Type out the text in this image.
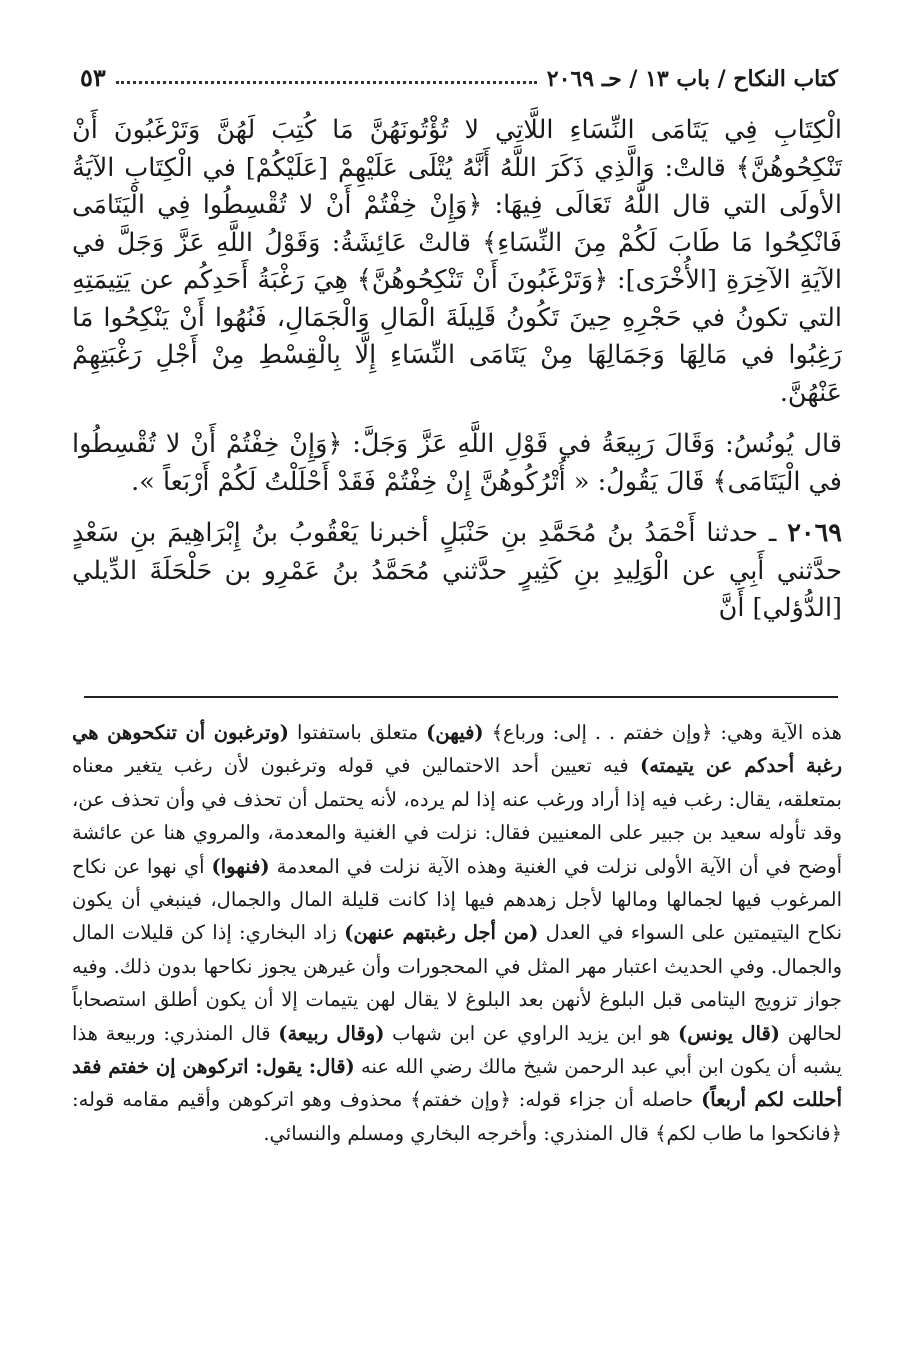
كتاب النكاح / باب ١٣ / حـ ٢٠٦٩
٥٣

الْكِتَابِ فِي يَتَامَى النِّسَاءِ اللَّاتِي لا تُؤْتُونَهُنَّ مَا كُتِبَ لَهُنَّ وَتَرْغَبُونَ أَنْ تَنْكِحُوهُنَّ﴾ قالتْ: وَالَّذِي ذَكَرَ اللَّهُ أَنَّهُ يُتْلَى عَلَيْهِمْ [عَلَيْكُمْ] في الْكِتَابِ الآيَةُ الأولَى التي قال اللَّهُ تَعَالَى فِيهَا: ﴿وَإِنْ خِفْتُمْ أَنْ لا تُقْسِطُوا فِي الْيَتَامَى فَانْكِحُوا مَا طَابَ لَكُمْ مِنَ النِّسَاءِ﴾ قالتْ عَائِشَةُ: وَقَوْلُ اللَّهِ عَزَّ وَجَلَّ في الآيَةِ الآخِرَةِ [الأُخْرَى]: ﴿وَتَرْغَبُونَ أَنْ تَنْكِحُوهُنَّ﴾ هِيَ رَغْبَةُ أَحَدِكُم عن يَتِيمَتِهِ التي تكونُ في حَجْرِهِ حِينَ تَكُونُ قَلِيلَةَ الْمَالِ وَالْجَمَالِ، فَنُهُوا أَنْ يَنْكِحُوا مَا رَغِبُوا في مَالِهَا وَجَمَالِهَا مِنْ يَتَامَى النِّسَاءِ إِلَّا بِالْقِسْطِ مِنْ أَجْلِ رَغْبَتِهِمْ عَنْهُنَّ.

قال يُونُسُ: وَقَالَ رَبِيعَةُ في قَوْلِ اللَّهِ عَزَّ وَجَلَّ: ﴿وَإِنْ خِفْتُمْ أَنْ لا تُقْسِطُوا في الْيَتَامَى﴾ قَالَ يَقُولُ: « أُتْرُكُوهُنَّ إِنْ خِفْتُمْ فَقَدْ أَحْلَلْتُ لَكُمْ أَرْبَعاً ».

٢٠٦٩ ـ حدثنا أَحْمَدُ بنُ مُحَمَّدِ بنِ حَنْبَلٍ أخبرنا يَعْقُوبُ بنُ إِبْرَاهِيمَ بنِ سَعْدٍ حدَّثني أَبِي عن الْوَلِيدِ بنِ كَثِيرٍ حدَّثني مُحَمَّدُ بنُ عَمْرِو بن حَلْحَلَةَ الدِّيلي [الدُّؤلي] أَنَّ

هذه الآية وهي: ﴿وإن خفتم . . إلى: ورباع﴾ (فيهن) متعلق باستفتوا (وترغبون أن تنكحوهن هي رغبة أحدكم عن يتيمته) فيه تعيين أحد الاحتمالين في قوله وترغبون لأن رغب يتغير معناه بمتعلقه، يقال: رغب فيه إذا أراد ورغب عنه إذا لم يرده، لأنه يحتمل أن تحذف في وأن تحذف عن، وقد تأوله سعيد بن جبير على المعنيين فقال: نزلت في الغنية والمعدمة، والمروي هنا عن عائشة أوضح في أن الآية الأولى نزلت في الغنية وهذه الآية نزلت في المعدمة (فنهوا) أي نهوا عن نكاح المرغوب فيها لجمالها ومالها لأجل زهدهم فيها إذا كانت قليلة المال والجمال، فينبغي أن يكون نكاح اليتيمتين على السواء في العدل (من أجل رغبتهم عنهن) زاد البخاري: إذا كن قليلات المال والجمال. وفي الحديث اعتبار مهر المثل في المحجورات وأن غيرهن يجوز نكاحها بدون ذلك. وفيه جواز تزويج اليتامى قبل البلوغ لأنهن بعد البلوغ لا يقال لهن يتيمات إلا أن يكون أطلق استصحاباً لحالهن (قال يونس) هو ابن يزيد الراوي عن ابن شهاب (وقال ربيعة) قال المنذري: وربيعة هذا يشبه أن يكون ابن أبي عبد الرحمن شيخ مالك رضي الله عنه (قال: يقول: اتركوهن إن خفتم فقد أحللت لكم أربعاً) حاصله أن جزاء قوله: ﴿وإن خفتم﴾ محذوف وهو اتركوهن وأقيم مقامه قوله: ﴿فانكحوا ما طاب لكم﴾ قال المنذري: وأخرجه البخاري ومسلم والنسائي.
